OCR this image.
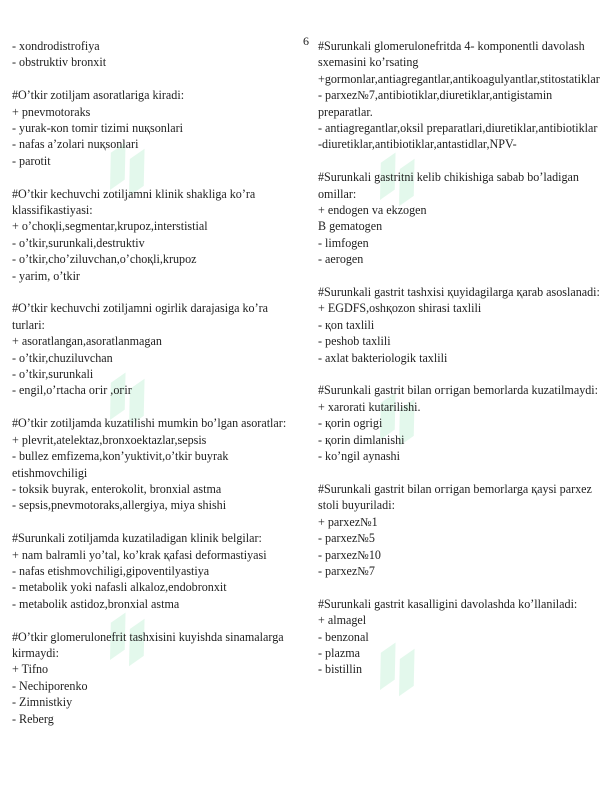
6
- xondrodistrofiya
- obstruktiv bronxit
#O’tkir zotiljam asoratlariga kiradi:
+ pnevmotoraks
- yurak-кon tomir tizimi nuқsonlari
- nafas a’zolari nuқsonlari
- parotit
#O’tkir kechuvchi zotiljamni klinik shakliga ko’ra klassifikastiyasi:
+ o’choқli,segmentar,krupoz,interstistial
- o’tkir,surunkali,destruktiv
- o’tkir,cho’ziluvchan,o’choқli,krupoz
- yarim, o’tkir
#O’tkir kechuvchi zotiljamni ogirlik darajasiga ko’ra turlari:
+ asoratlangan,asoratlanmagan
- o’tkir,chuziluvchan
- o’tkir,surunkali
- engil,o’rtacha огir ,огir
#O’tkir zotiljamda kuzatilishi mumkin bo’lgan asoratlar:
+ plevrit,atelektaz,bronxoektazlar,sepsis
- bullez emfizema,kon’yuktivit,o’tkir buyrak etishmovchiligi
- toksik buyrak, enterokolit, bronxial astma
- sepsis,pnevmotoraks,allergiya, miya shishi
#Surunkali zotiljamda kuzatiladigan klinik belgilar:
+ nam balramli yo’tal, ko’krak қafasi deformastiyasi
- nafas etishmovchiligi,gipoventilyastiya
- metabolik yoki nafasli alkaloz,endobronxit
- metabolik astidoz,bronxial astma
#O’tkir glomerulonefrit tashxisini kuyishda sinamalarga kirmaydi:
+ Tifno
- Nechiporenko
- Zimnistkiy
- Reberg
#Surunkali glomerulonefritda 4- komponentli davolash sxemasini ko’rsating
+gormonlar,antiagregantlar,antikoagulyantlar,stitostatiklar
- parxez№7,antibiotiklar,diuretiklar,antigistamin preparatlar.
- antiagregantlar,oksil preparatlari,diuretiklar,antibiotiklar
-diuretiklar,antibiotiklar,antastidlar,NPV-
#Surunkali gastritni kelib chikishiga sabab bo’ladigan omillar:
+ endogen va ekzogen
B gematogen
- limfogen
- aerogen
#Surunkali gastrit tashxisi қuyidagilarga қarab asoslanadi:
+ EGDFS,oshқozon shirasi taxlili
- қon taxlili
- peshob taxlili
- axlat bakteriologik taxlili
#Surunkali gastrit bilan огrigan bemorlarda kuzatilmaydi:
+ xarorati kutarilishi.
- қorin ogrigi
- қorin dimlanishi
- ko’ngil aynashi
#Surunkali gastrit bilan огrigan bemorlarga қaysi parxez stoli buyuriladi:
+ parxez№1
- parxez№5
- parxez№10
- parxez№7
#Surunkali gastrit kasalligini davolashda ko’llaniladi:
+ almagel
- benzonal
- plazma
- bistillin
